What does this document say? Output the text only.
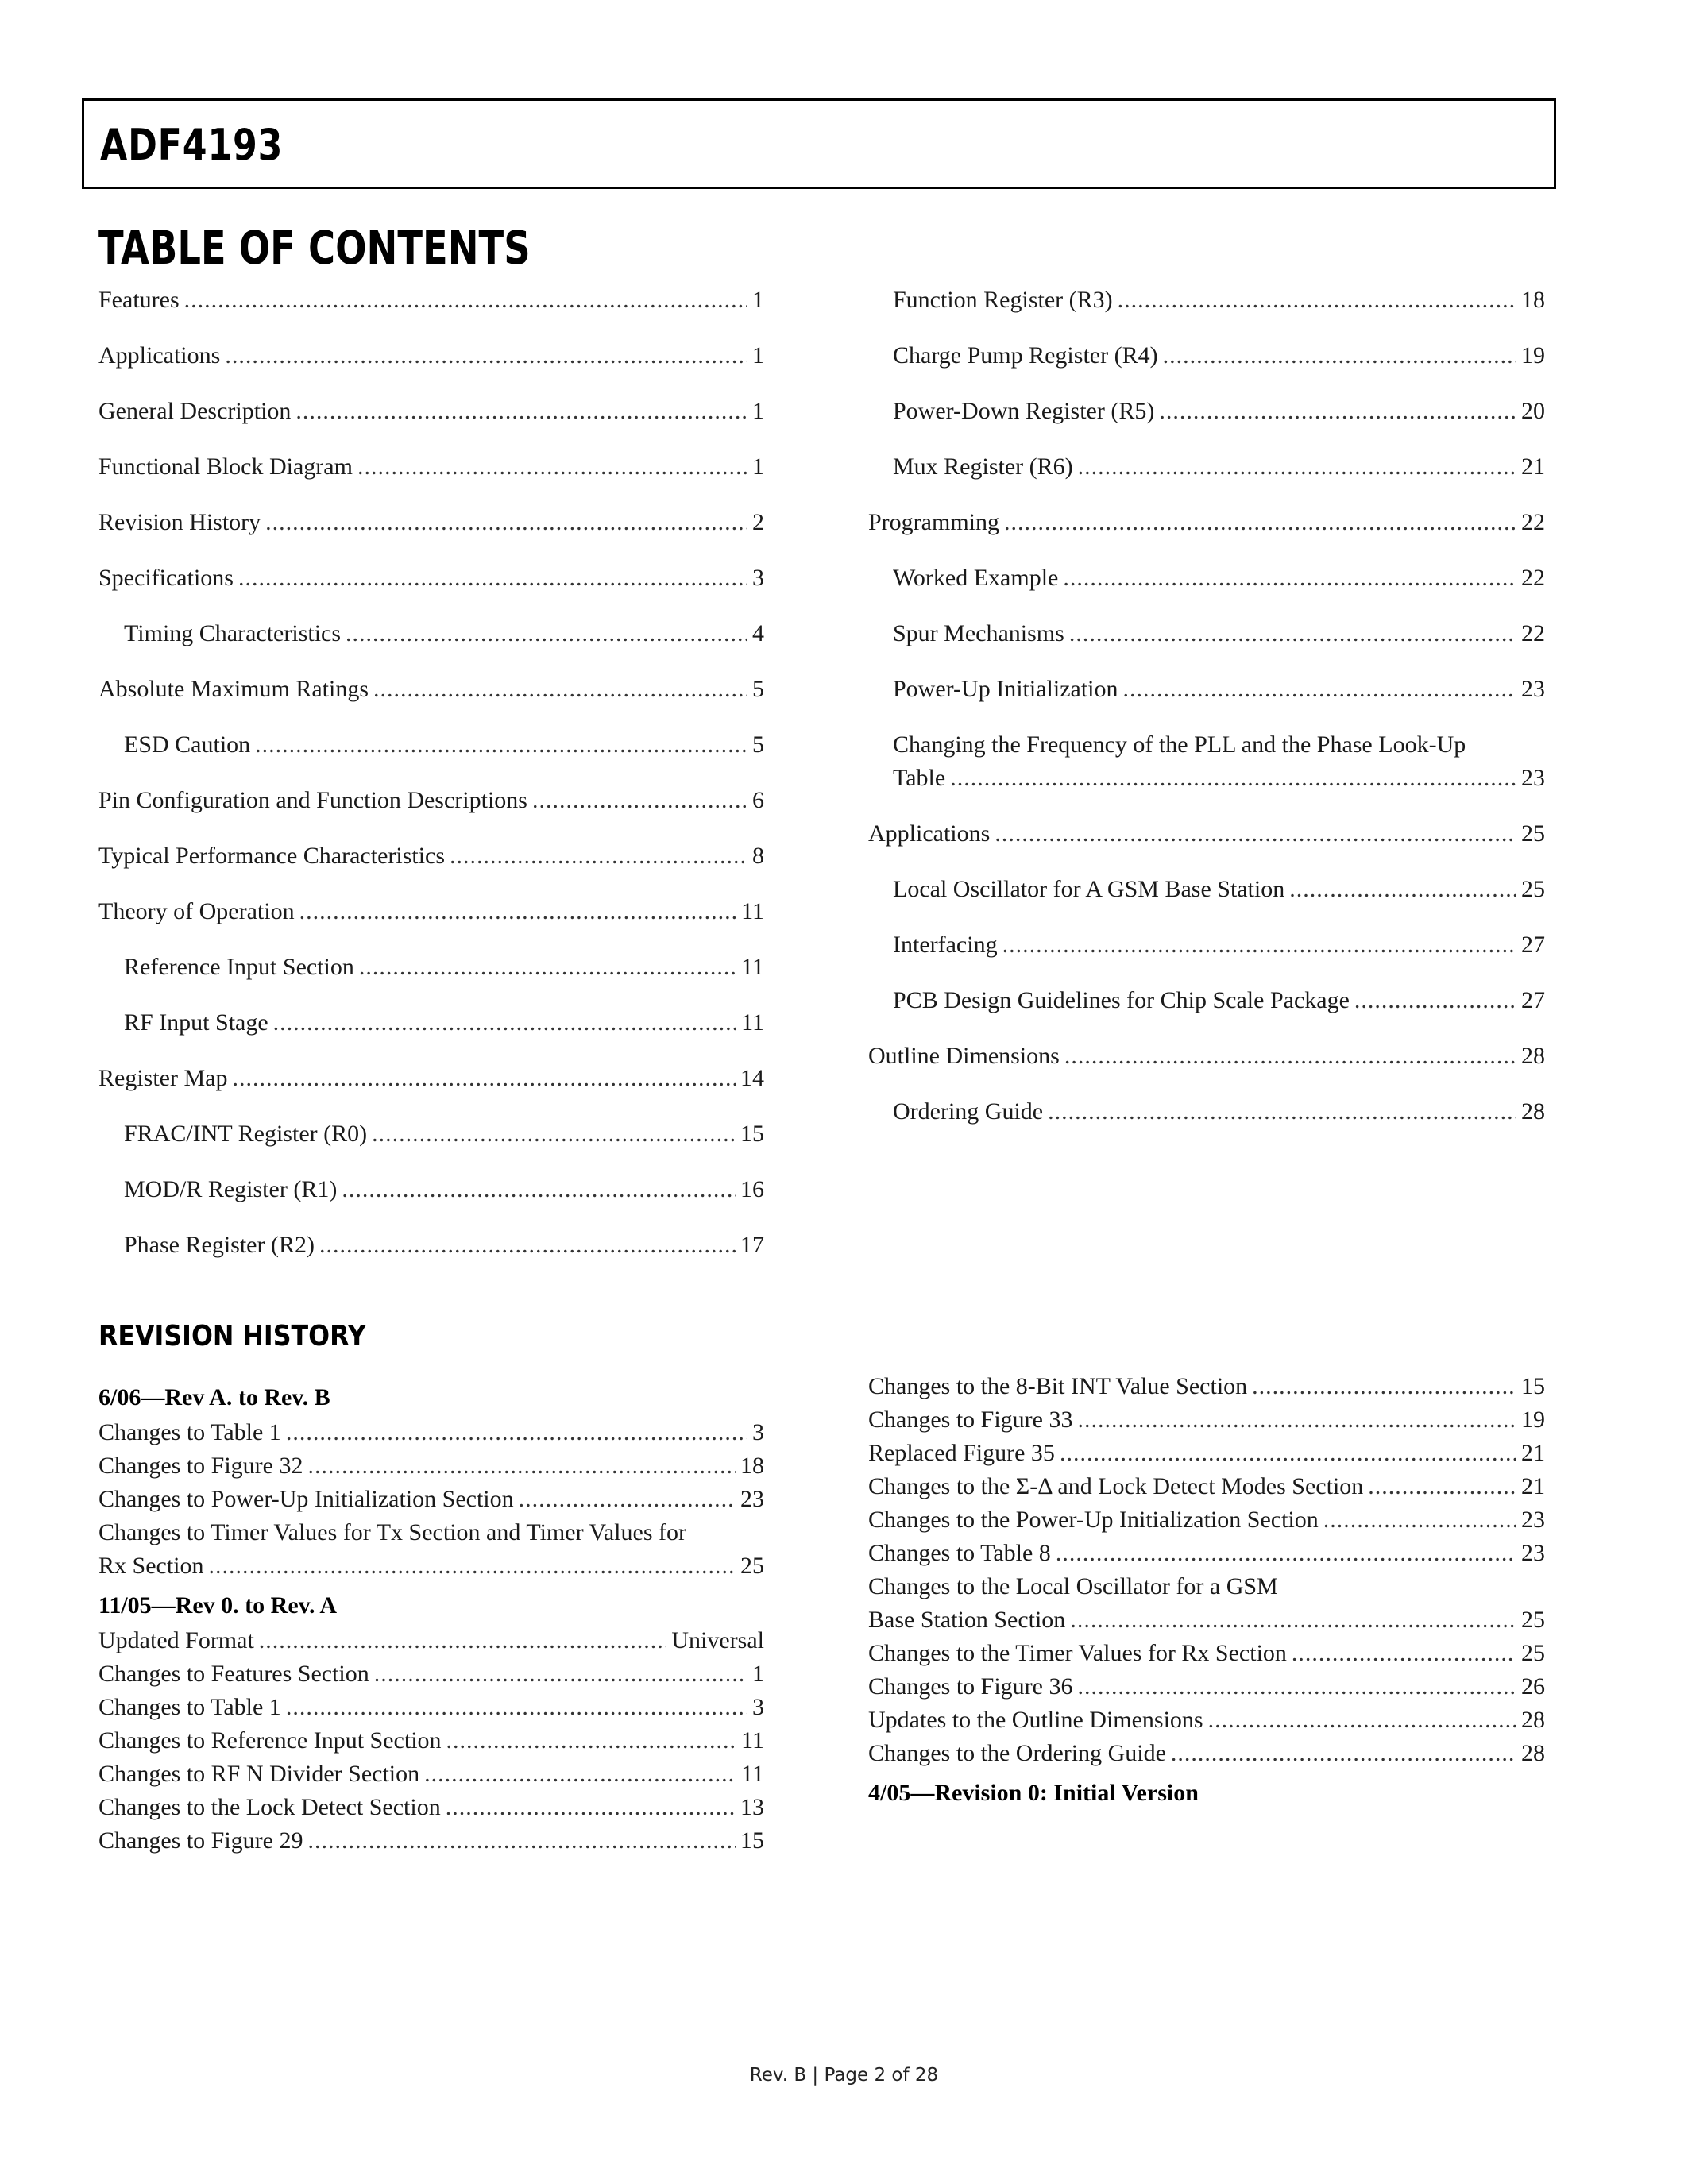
ADF4193
TABLE OF CONTENTS
Features .....	1
Applications .....	1
General Description .....	1
Functional Block Diagram .....	1
Revision History .....	2
Specifications .....	3
Timing Characteristics .....	4
Absolute Maximum Ratings .....	5
ESD Caution .....	5
Pin Configuration and Function Descriptions .....	6
Typical Performance Characteristics .....	8
Theory of Operation .....	11
Reference Input Section .....	11
RF Input Stage .....	11
Register Map .....	14
FRAC/INT Register (R0) .....	15
MOD/R Register (R1) .....	16
Phase Register (R2) .....	17
Function Register (R3) .....	18
Charge Pump Register (R4) .....	19
Power-Down Register (R5) .....	20
Mux Register (R6) .....	21
Programming .....	22
Worked Example .....	22
Spur Mechanisms .....	22
Power-Up Initialization .....	23
Changing the Frequency of the PLL and the Phase Look-Up
Table .....	23
Applications .....	25
Local Oscillator for A GSM Base Station .....	25
Interfacing .....	27
PCB Design Guidelines for Chip Scale Package .....	27
Outline Dimensions .....	28
Ordering Guide .....	28
REVISION HISTORY
6/06—Rev A. to Rev. B
Changes to Table 1 .....	3
Changes to Figure 32 .....	18
Changes to Power-Up Initialization Section .....	23
Changes to Timer Values for Tx Section and Timer Values for
Rx Section .....	25
11/05—Rev 0. to Rev. A
Updated Format .....	Universal
Changes to Features Section .....	1
Changes to Table 1 .....	3
Changes to Reference Input Section .....	11
Changes to RF N Divider Section .....	11
Changes to the Lock Detect Section .....	13
Changes to Figure 29 .....	15
Changes to the 8-Bit INT Value Section .....	15
Changes to Figure 33 .....	19
Replaced Figure 35 .....	21
Changes to the Σ-Δ and Lock Detect Modes Section .....	21
Changes to the Power-Up Initialization Section .....	23
Changes to Table 8 .....	23
Changes to the Local Oscillator for a GSM
Base Station Section .....	25
Changes to the Timer Values for Rx Section .....	25
Changes to Figure 36 .....	26
Updates to the Outline Dimensions .....	28
Changes to the Ordering Guide .....	28
4/05—Revision 0: Initial Version
Rev. B | Page 2 of 28
